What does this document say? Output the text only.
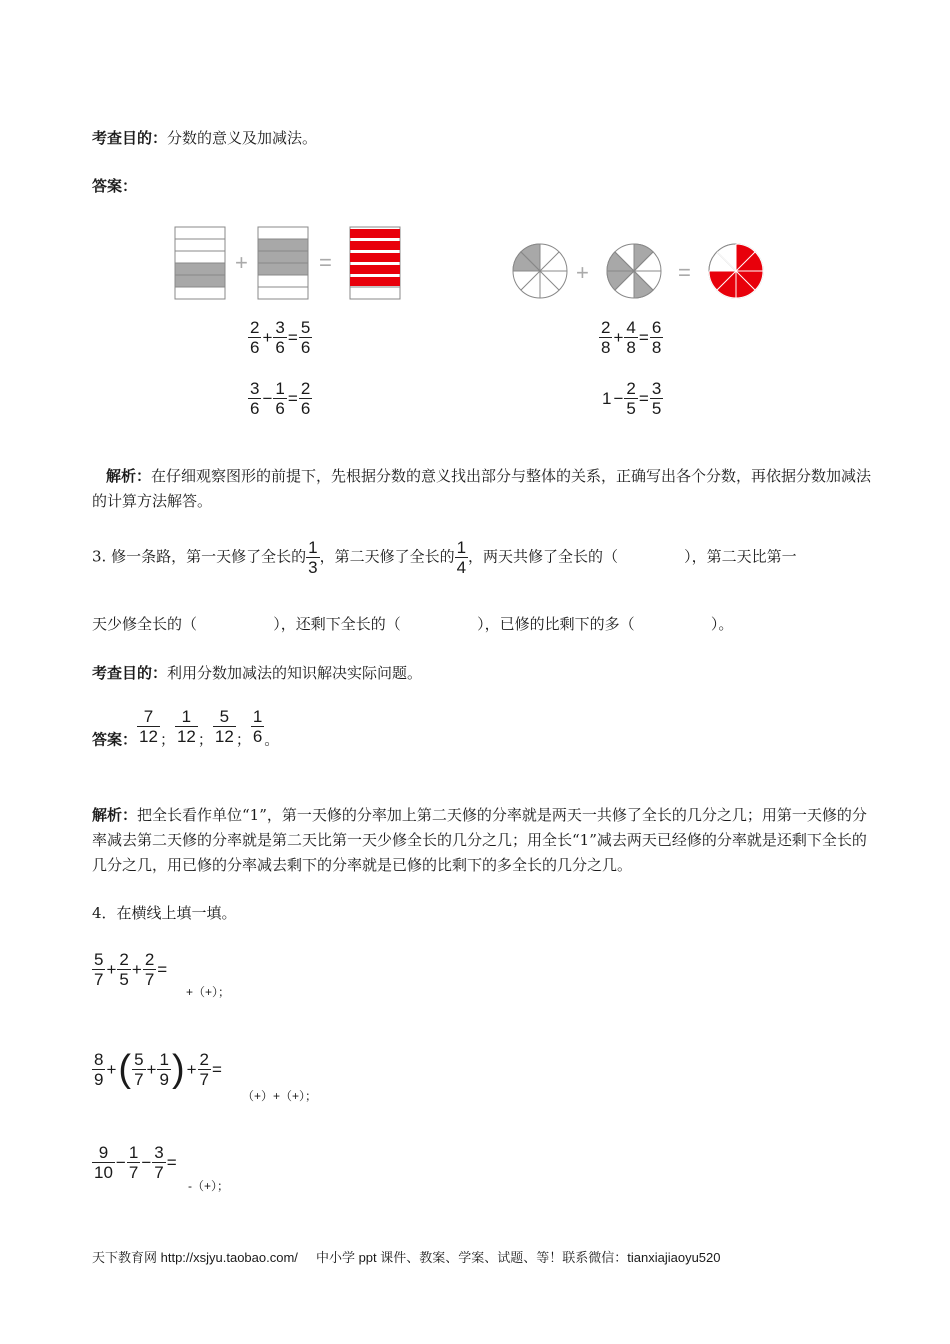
考查目的：分数的意义及加减法。
答案：
+	=	+	=
$\frac{2}{6} + \frac{3}{6} = \frac{5}{6}$
$\frac{3}{6} - \frac{1}{6} = \frac{2}{6}$
$\frac{2}{8} + \frac{4}{8} = \frac{6}{8}$
$1 - \frac{2}{5} = \frac{3}{5}$
解析：在仔细观察图形的前提下，先根据分数的意义找出部分与整体的关系，正确写出各个分数，再依据分数加减法的计算方法解答。
3. 修一条路，第一天修了全长的 $\frac{1}{3}$ ，第二天修了全长的 $\frac{1}{4}$ ，两天共修了全长的（	），第二天比第一
天少修全长的（                ），还剩下全长的（                ），已修的比剩下的多（                ）。
考查目的：利用分数加减法的知识解决实际问题。
答案： $\frac{7}{12}$ ； $\frac{1}{12}$ ； $\frac{5}{12}$ ； $\frac{1}{6}$ 。
解析：把全长看作单位“1”，第一天修的分率加上第二天修的分率就是两天一共修了全长的几分之几；用第一天修的分率减去第二天修的分率就是第二天比第一天少修全长的几分之几；用全长“1”减去两天已经修的分率就是还剩下全长的几分之几，用已修的分率减去剩下的分率就是已修的比剩下的多全长的几分之几。
4．在横线上填一填。
$\frac{5}{7} + \frac{2}{5} + \frac{2}{7}$ =
+（+）；
$\frac{8}{9}$ +( $\frac{5}{7} + \frac{1}{9}$ ) + $\frac{2}{7}$ =
（+）+（+）；
$\frac{9}{10} - \frac{1}{7} - \frac{3}{7}$ =
-（+）；
天下教育网 http://xsjyu.taobao.com/     中小学 ppt 课件、教案、学案、试题、等！联系微信：tianxiajiaoyu520
